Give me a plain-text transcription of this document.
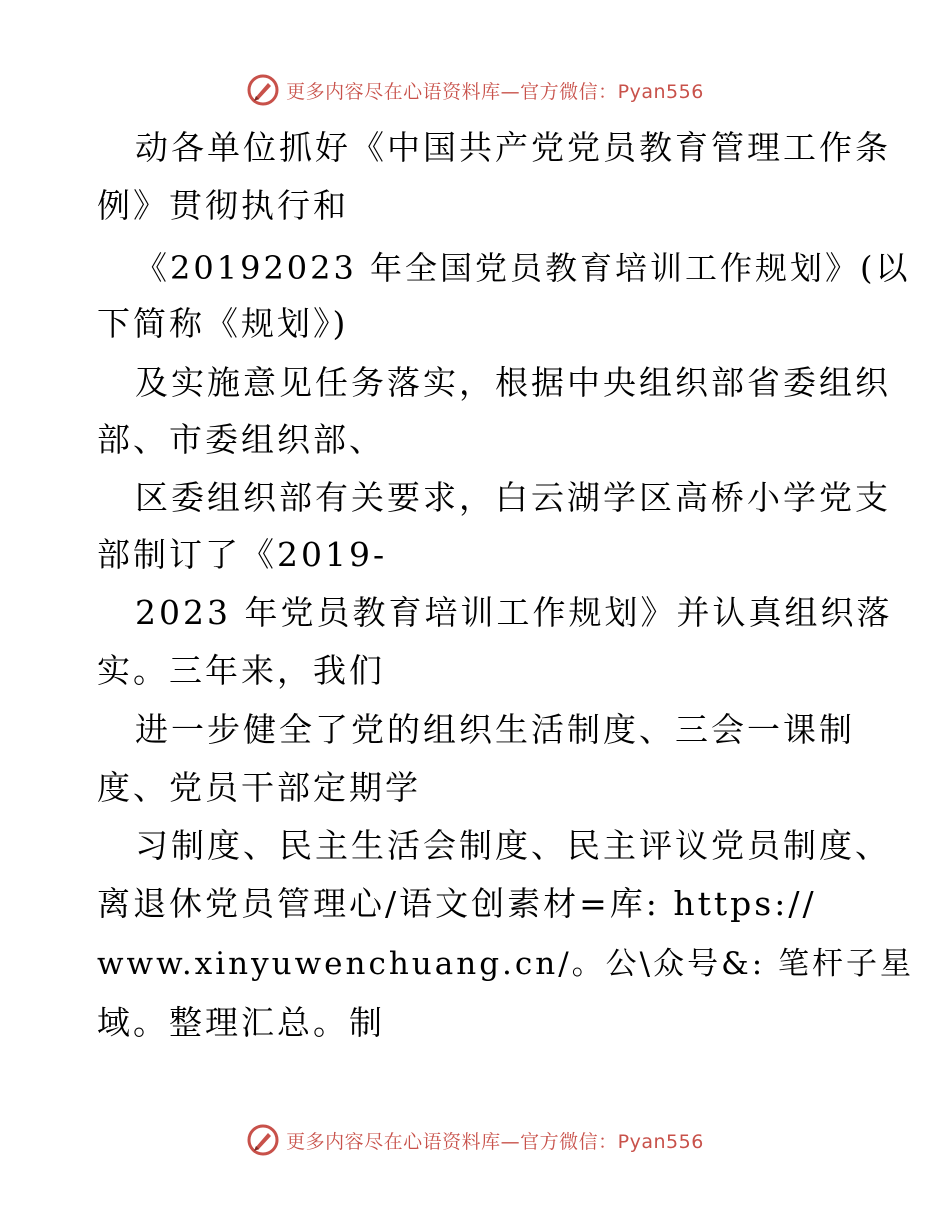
更多内容尽在心语资料库—官方微信：Pyan556
动各单位抓好《中国共产党党员教育管理工作条
例》贯彻执行和
《20192023 年全国党员教育培训工作规划》(以
下简称《规划》)
及实施意见任务落实，根据中央组织部省委组织
部、市委组织部、
区委组织部有关要求，白云湖学区高桥小学党支
部制订了《2019-
2023 年党员教育培训工作规划》并认真组织落
实。三年来，我们
进一步健全了党的组织生活制度、三会一课制
度、党员干部定期学
习制度、民主生活会制度、民主评议党员制度、
离退休党员管理心/语文创素材=库: https://
www.xinyuwenchuang.cn/。公\众号&: 笔杆子星
域。整理汇总。制
更多内容尽在心语资料库—官方微信：Pyan556
